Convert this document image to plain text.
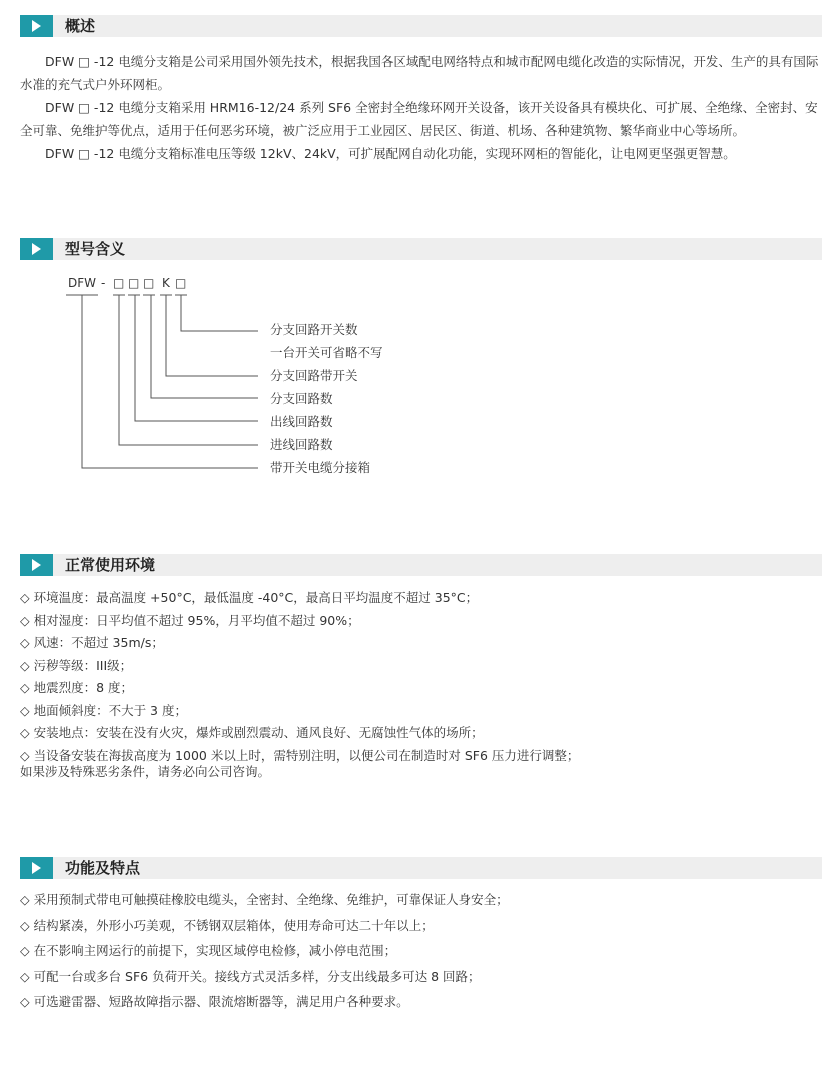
概述

DFW □ -12 电缆分支箱是公司采用国外领先技术，根据我国各区域配电网络特点和城市配网电缆化改造的实际情况，开发、生产的具有国际水准的充气式户外环网柜。

DFW □ -12 电缆分支箱采用 HRM16-12/24 系列 SF6 全密封全绝缘环网开关设备，该开关设备具有模块化、可扩展、全绝缘、全密封、安全可靠、免维护等优点，适用于任何恶劣环境，被广泛应用于工业园区、居民区、街道、机场、各种建筑物、繁华商业中心等场所。

DFW □ -12 电缆分支箱标准电压等级 12kV、24kV，可扩展配网自动化功能，实现环网柜的智能化，让电网更坚强更智慧。

型号含义
DFW - □ □ □ K □
分支回路开关数
一台开关可省略不写
分支回路带开关
分支回路数
出线回路数
进线回路数
带开关电缆分接箱
正常使用环境
◇ 环境温度：最高温度 +50°C，最低温度 -40°C，最高日平均温度不超过 35°C；
◇ 相对湿度：日平均值不超过 95%，月平均值不超过 90%；
◇ 风速：不超过 35m/s；
◇ 污秽等级：III级；
◇ 地震烈度：8 度；
◇ 地面倾斜度：不大于 3 度；
◇ 安装地点：安装在没有火灾，爆炸或剧烈震动、通风良好、无腐蚀性气体的场所；
◇ 当设备安装在海拔高度为 1000 米以上时，需特别注明，以便公司在制造时对 SF6 压力进行调整；
如果涉及特殊恶劣条件，请务必向公司咨询。
功能及特点
◇ 采用预制式带电可触摸硅橡胶电缆头，全密封、全绝缘、免维护，可靠保证人身安全；
◇ 结构紧凑，外形小巧美观，不锈钢双层箱体，使用寿命可达二十年以上；
◇ 在不影响主网运行的前提下，实现区域停电检修，减小停电范围；
◇ 可配一台或多台 SF6 负荷开关。接线方式灵活多样，分支出线最多可达 8 回路；
◇ 可选避雷器、短路故障指示器、限流熔断器等，满足用户各种要求。
